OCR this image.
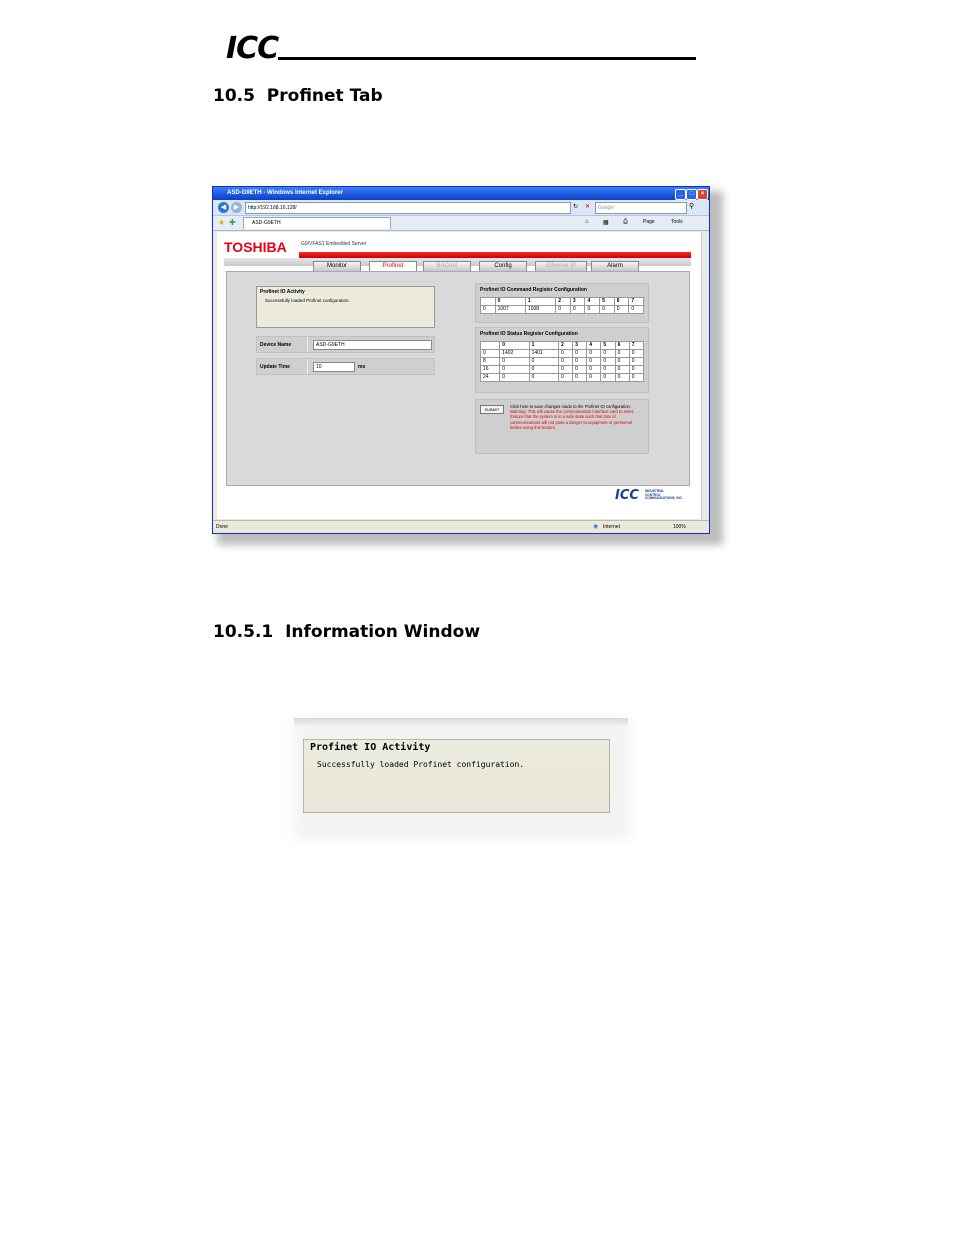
ICC
10.5 Profinet Tab
ASD-G9ETH - Windows Internet Explorer	_	□	×
◀	▶	http://192.168.16.128/	↻ ✕	Google	⚲
★ ✚	ASD-G9ETH	⌂ ▦ ⎙	Page	Tools
TOSHIBA	G9/VFAS1 Embedded Server
Monitor	Profinet	BACnet	Config	Ethernet IP	Alarm
Profinet IO Activity
Successfully loaded Profinet configuration.
Device Name	ASD-G9ETH
Update Time	10	ms
Profinet IO Command Register Configuration
	0	1	2	3	4	5	6	7
0	1007	1008	0	0	0	0	0	0
Profinet IO Status Register Configuration
	0	1	2	3	4	5	6	7
0	1402	1401	0	0	0	0	0	0
8	0	0	0	0	0	0	0	0
16	0	0	0	0	0	0	0	0
24	0	0	0	0	0	0	0	0
SUBMIT
Click here to save changes made to the Profinet IO configuration.
Warning: This will cause the communication interface card to reset. Ensure that the system is in a safe state such that loss of communications will not pose a danger to equipment or personnel before using this feature.
ICC INDUSTRIAL
CONTROL
COMMUNICATIONS, INC.
Done	◉ Internet	100%
10.5.1 Information Window
Profinet IO Activity
Successfully loaded Profinet configuration.
